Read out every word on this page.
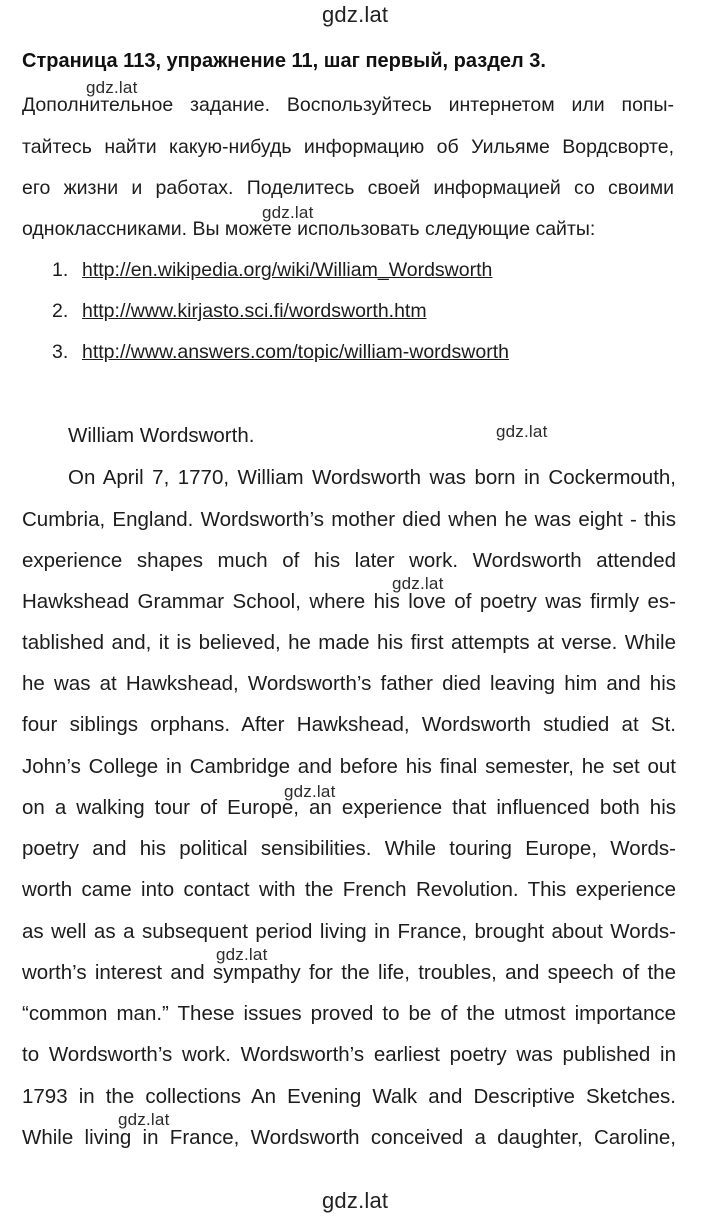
gdz.lat
Страница 113, упражнение 11, шаг первый, раздел 3.
gdz.lat
Дополнительное задание. Воспользуйтесь интернетом или попы-
тайтесь найти какую-нибудь информацию об Уильяме Вордсворте,
его жизни и работах. Поделитесь своей информацией со своими
gdz.lat
одноклассниками. Вы можете использовать следующие сайты:
1. http://en.wikipedia.org/wiki/William_Wordsworth
2. http://www.kirjasto.sci.fi/wordsworth.htm
3. http://www.answers.com/topic/william-wordsworth
William Wordsworth.	gdz.lat
On April 7, 1770, William Wordsworth was born in Cockermouth,
Cumbria, England. Wordsworth’s mother died when he was eight - this
experience shapes much of his later work. Wordsworth attended
gdz.lat
Hawkshead Grammar School, where his love of poetry was firmly es-
tablished and, it is believed, he made his first attempts at verse. While
he was at Hawkshead, Wordsworth’s father died leaving him and his
four siblings orphans. After Hawkshead, Wordsworth studied at St.
John’s College in Cambridge and before his final semester, he set out
gdz.lat
on a walking tour of Europe, an experience that influenced both his
poetry and his political sensibilities. While touring Europe, Words-
worth came into contact with the French Revolution. This experience
as well as a subsequent period living in France, brought about Words-
gdz.lat
worth’s interest and sympathy for the life, troubles, and speech of the
“common man.” These issues proved to be of the utmost importance
to Wordsworth’s work. Wordsworth’s earliest poetry was published in
1793 in the collections An Evening Walk and Descriptive Sketches.
gdz.lat
While living in France, Wordsworth conceived a daughter, Caroline,
gdz.lat
